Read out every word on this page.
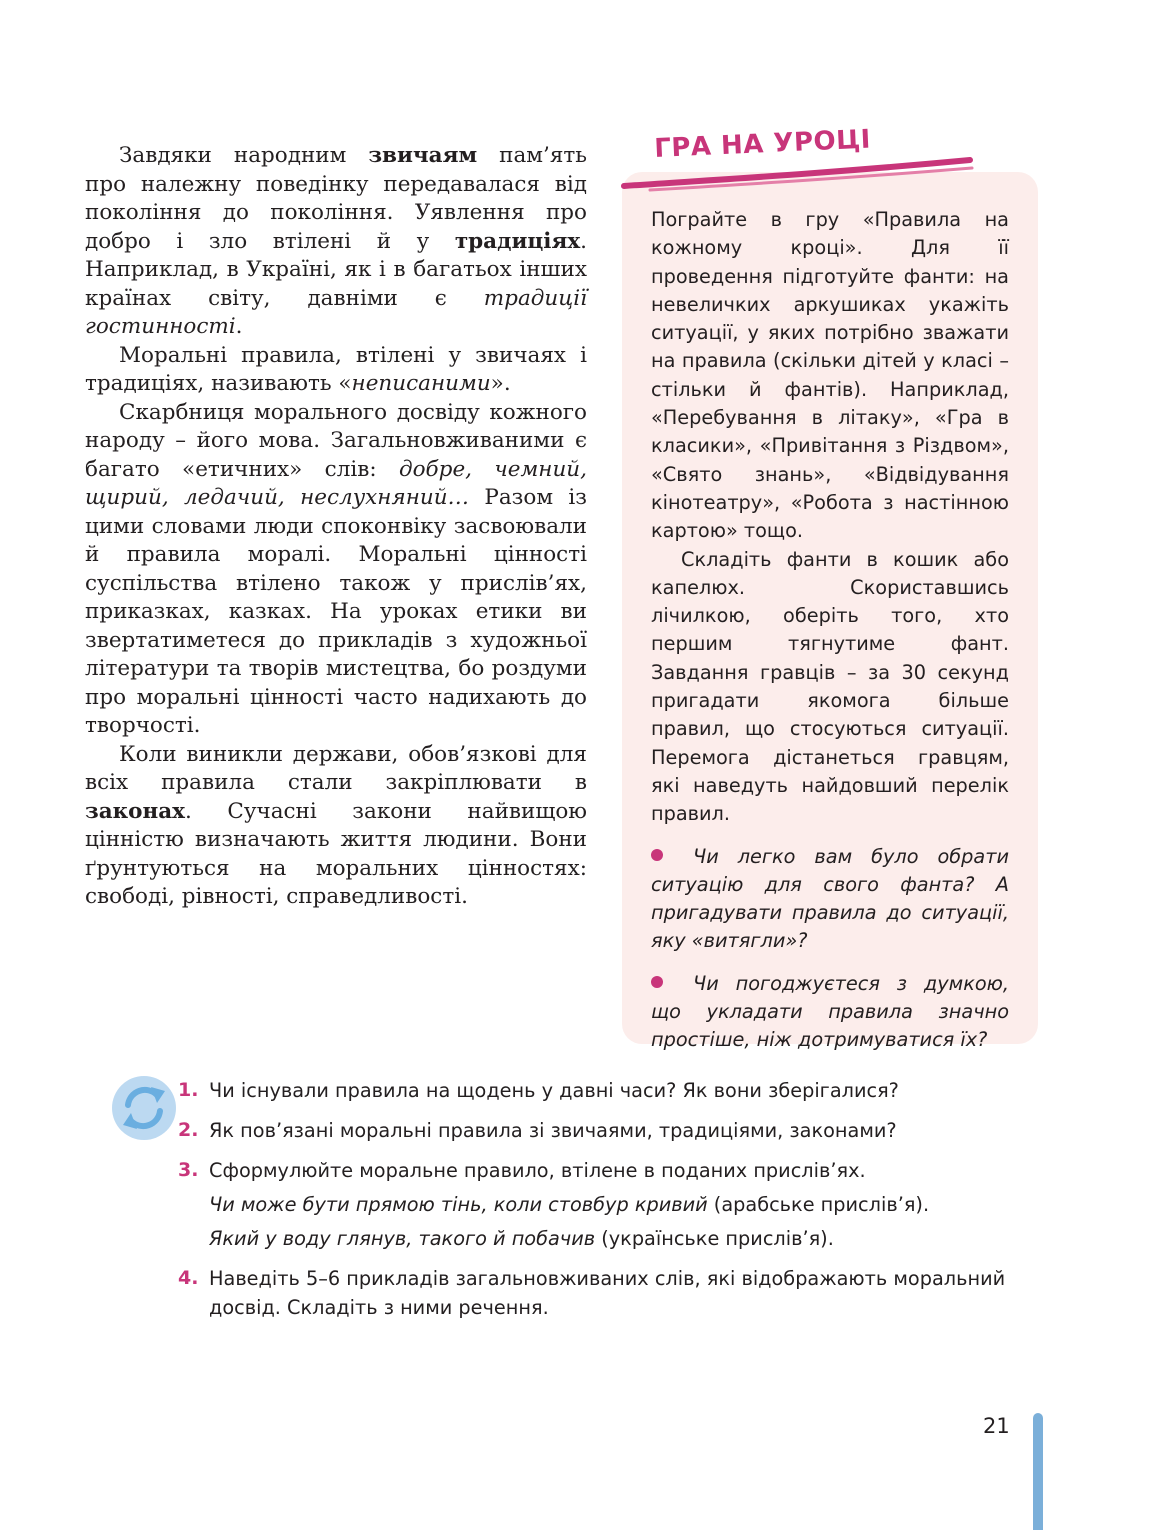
Завдяки народним звичаям пам’ять про належну поведінку передавалася від покоління до покоління. Уявлення про добро і зло втілені й у традиціях. Наприклад, в Україні, як і в багатьох інших країнах світу, давніми є традиції гостинності.

Моральні правила, втілені у звичаях і традиціях, називають «неписаними».

Скарбниця морального досвіду кожного народу – його мова. Загальновживаними є багато «етичних» слів: добре, чемний, щирий, ледачий, неслухняний… Разом із цими словами люди споконвіку засвоювали й правила моралі. Моральні цінності суспільства втілено також у прислів’ях, приказках, казках. На уроках етики ви звертатиметеся до прикладів з художньої літератури та творів мистецтва, бо роздуми про моральні цінності часто надихають до творчості.

Коли виникли держави, обов’язкові для всіх правила стали закріплювати в законах. Сучасні закони найвищою цінністю визначають життя людини. Вони ґрунтуються на моральних цінностях: свободі, рівності, справедливості.

ГРА НА УРОЦІ

Пограйте в гру «Правила на кожному кроці». Для її проведення підготуйте фанти: на невеличких аркушиках укажіть ситуації, у яких потрібно зважати на правила (скільки дітей у класі – стільки й фантів). Наприклад, «Перебування в літаку», «Гра в класики», «Привітання з Різдвом», «Свято знань», «Відвідування кінотеатру», «Робота з настінною картою» тощо.

Складіть фанти в кошик або капелюх. Скориставшись лічилкою, оберіть того, хто першим тягнутиме фант. Завдання гравців – за 30 секунд пригадати якомога більше правил, що стосуються ситуації. Перемога дістанеться гравцям, які наведуть найдовший перелік правил.

Чи легко вам було обрати ситуацію для свого фанта? А пригадувати правила до ситуації, яку «витягли»?

Чи погоджуєтеся з думкою, що укладати правила значно простіше, ніж дотримуватися їх?

1. Чи існували правила на щодень у давні часи? Як вони зберігалися?
2. Як пов’язані моральні правила зі звичаями, традиціями, законами?
3. Сформулюйте моральне правило, втілене в поданих прислів’ях.
Чи може бути прямою тінь, коли стовбур кривий (арабське прислів’я).
Який у воду глянув, такого й побачив (українське прислів’я).
4. Наведіть 5–6 прикладів загальновживаних слів, які відображають моральний досвід. Складіть з ними речення.
21
